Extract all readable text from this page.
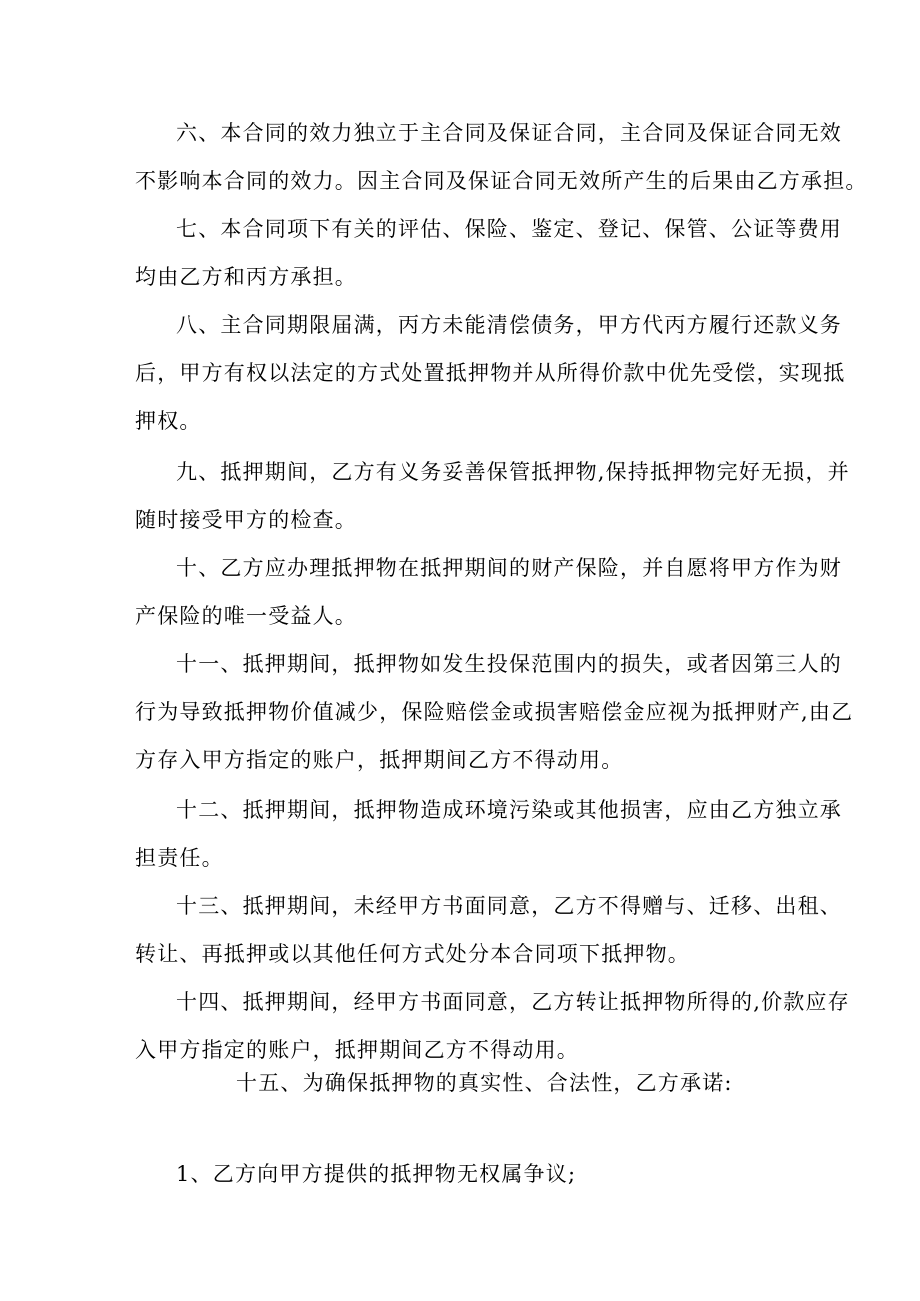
六、本合同的效力独立于主合同及保证合同，主合同及保证合同无效
不影响本合同的效力。因主合同及保证合同无效所产生的后果由乙方承担。
七、本合同项下有关的评估、保险、鉴定、登记、保管、公证等费用
均由乙方和丙方承担。
八、主合同期限届满，丙方未能清偿债务，甲方代丙方履行还款义务
后，甲方有权以法定的方式处置抵押物并从所得价款中优先受偿，实现抵
押权。
九、抵押期间，乙方有义务妥善保管抵押物,保持抵押物完好无损，并
随时接受甲方的检查。
十、乙方应办理抵押物在抵押期间的财产保险，并自愿将甲方作为财
产保险的唯一受益人。
十一、抵押期间，抵押物如发生投保范围内的损失，或者因第三人的
行为导致抵押物价值减少，保险赔偿金或损害赔偿金应视为抵押财产,由乙
方存入甲方指定的账户，抵押期间乙方不得动用。
十二、抵押期间，抵押物造成环境污染或其他损害，应由乙方独立承
担责任。
十三、抵押期间，未经甲方书面同意，乙方不得赠与、迁移、出租、
转让、再抵押或以其他任何方式处分本合同项下抵押物。
十四、抵押期间，经甲方书面同意，乙方转让抵押物所得的,价款应存
入甲方指定的账户，抵押期间乙方不得动用。
十五、为确保抵押物的真实性、合法性，乙方承诺:
1、乙方向甲方提供的抵押物无权属争议;
